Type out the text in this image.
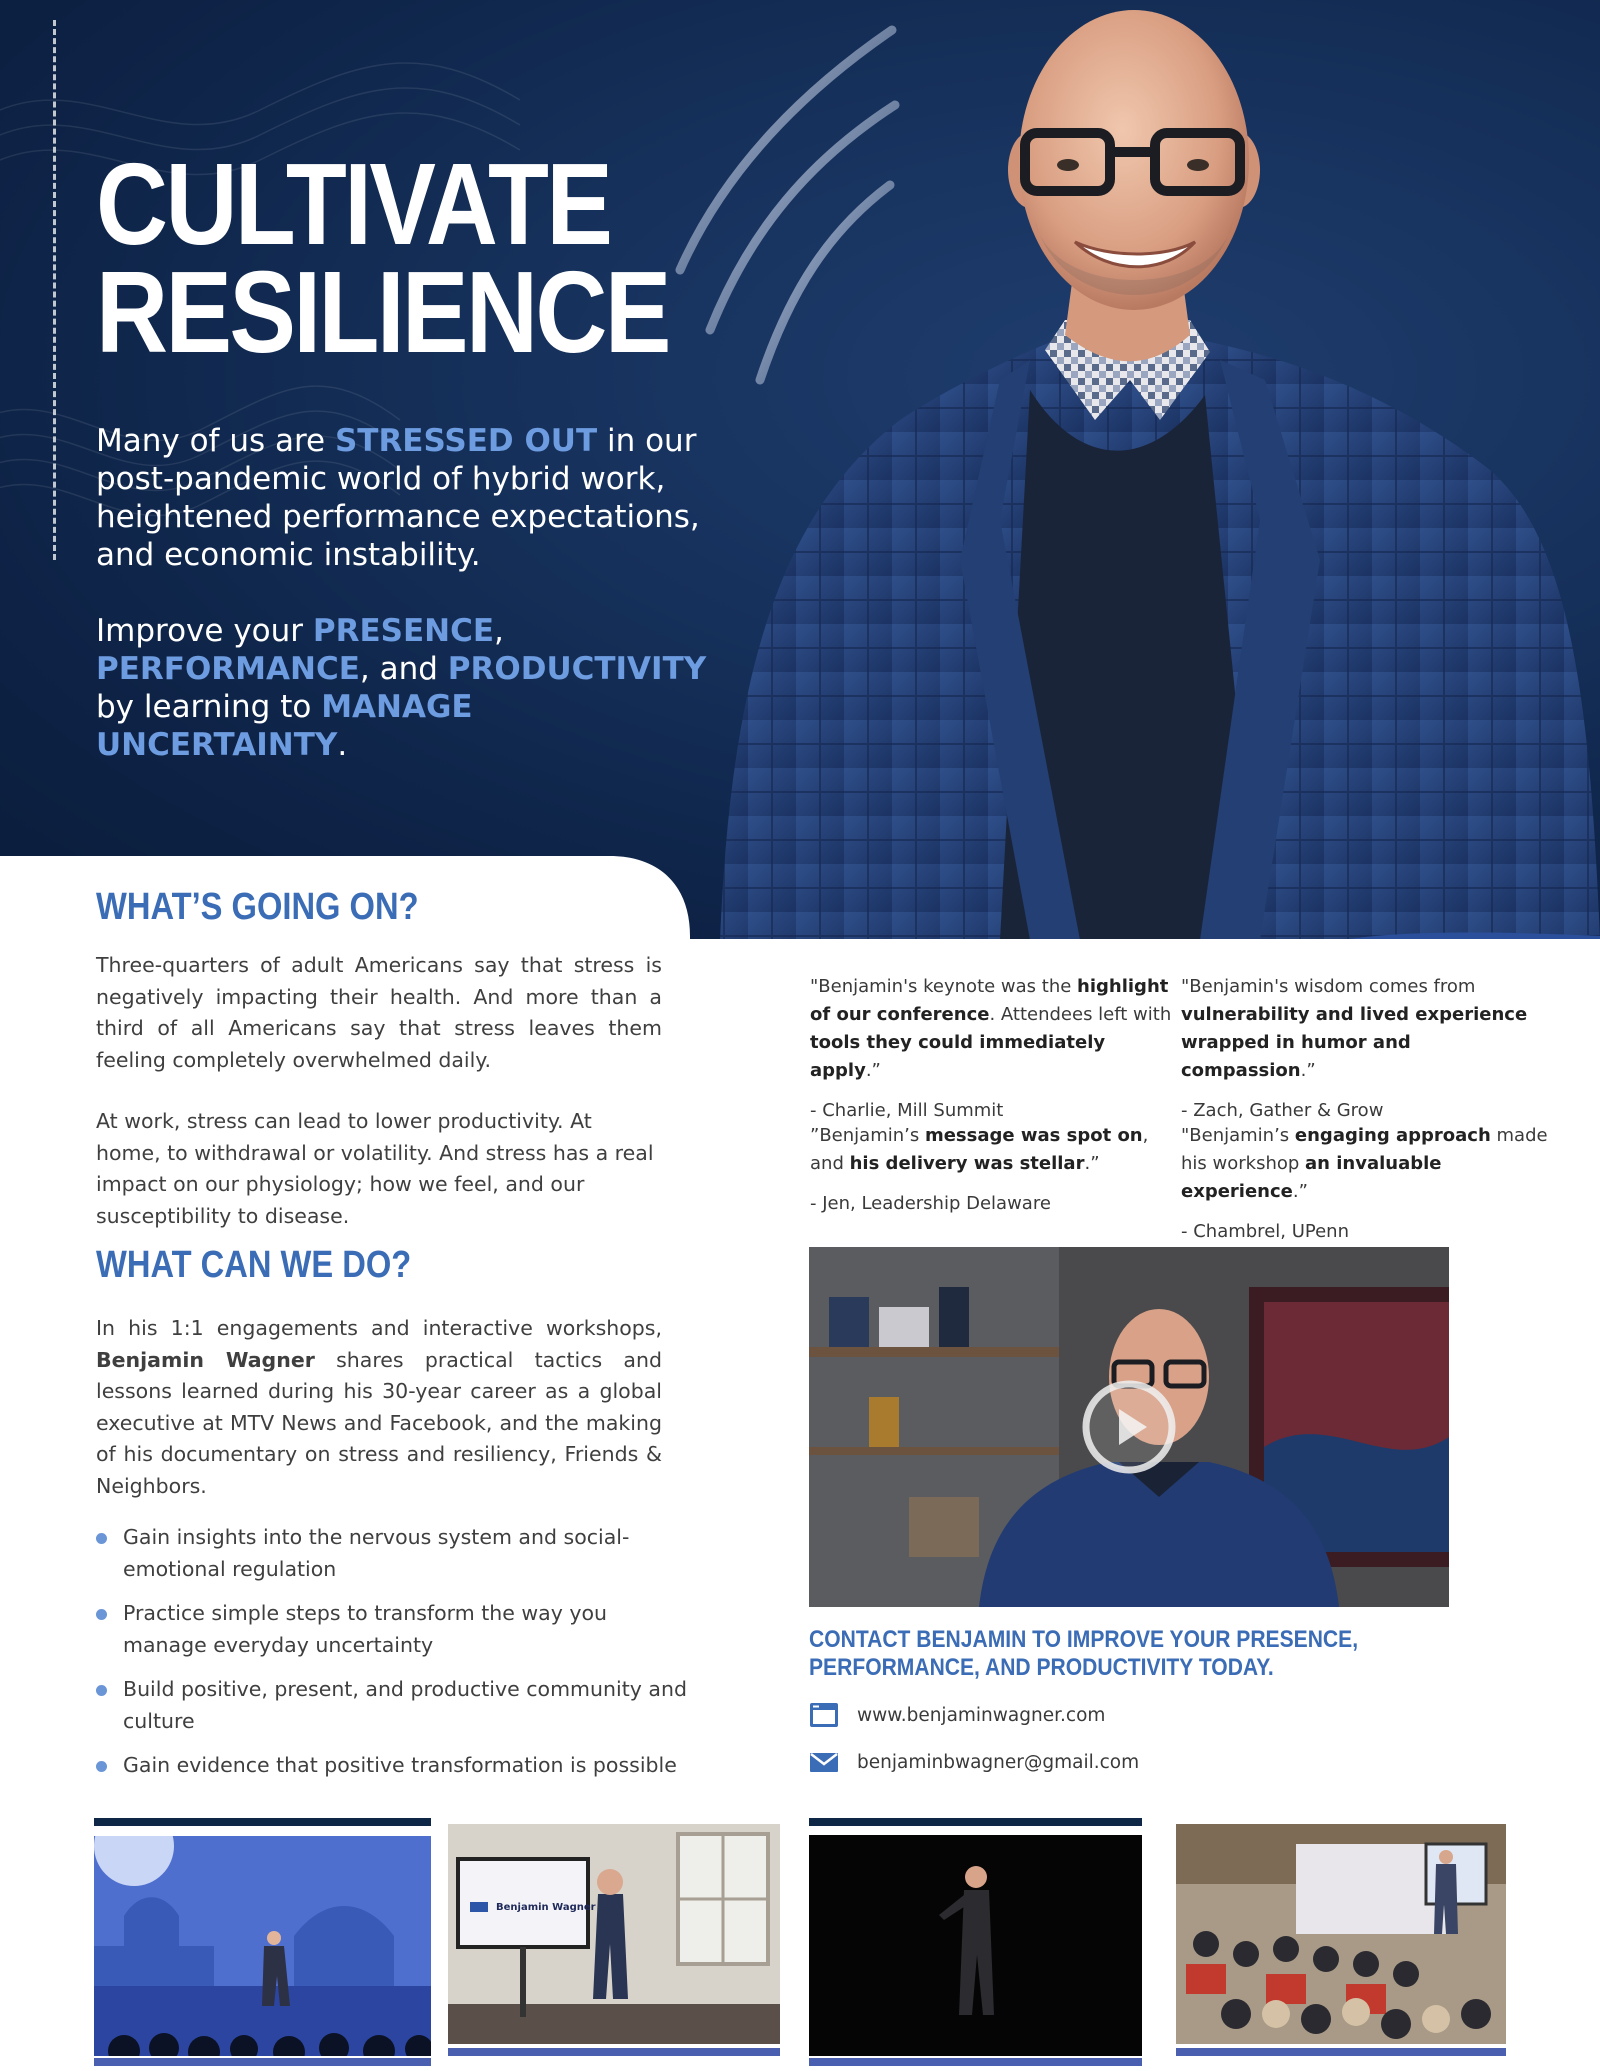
CULTIVATE
RESILIENCE

Many of us are STRESSED OUT in our post-pandemic world of hybrid work, heightened performance expectations, and economic instability.

Improve your PRESENCE, PERFORMANCE, and PRODUCTIVITY by learning to MANAGE UNCERTAINTY.

WHAT’S GOING ON?

Three-quarters of adult Americans say that stress is negatively impacting their health. And more than a third of all Americans say that stress leaves them feeling completely overwhelmed daily.

At work, stress can lead to lower productivity. At home, to withdrawal or volatility. And stress has a real impact on our physiology; how we feel, and our susceptibility to disease.

WHAT CAN WE DO?

In his 1:1 engagements and interactive workshops, Benjamin Wagner shares practical tactics and lessons learned during his 30-year career as a global executive at MTV News and Facebook, and the making of his documentary on stress and resiliency, Friends & Neighbors.

Gain insights into the nervous system and social-emotional regulation
Practice simple steps to transform the way you manage everyday uncertainty
Build positive, present, and productive community and culture
Gain evidence that positive transformation is possible

"Benjamin's keynote was the highlight of our conference. Attendees left with tools they could immediately apply.”

- Charlie, Mill Summit

"Benjamin's wisdom comes from vulnerability and lived experience wrapped in humor and compassion.”

- Zach, Gather & Grow

”Benjamin’s message was spot on, and his delivery was stellar.”

- Jen, Leadership Delaware

"Benjamin’s engaging approach made his workshop an invaluable experience.”

- Chambrel, UPenn

CONTACT BENJAMIN TO IMPROVE YOUR PRESENCE, PERFORMANCE, AND PRODUCTIVITY TODAY.
www.benjaminwagner.com
benjaminbwagner@gmail.com
Benjamin Wagner
